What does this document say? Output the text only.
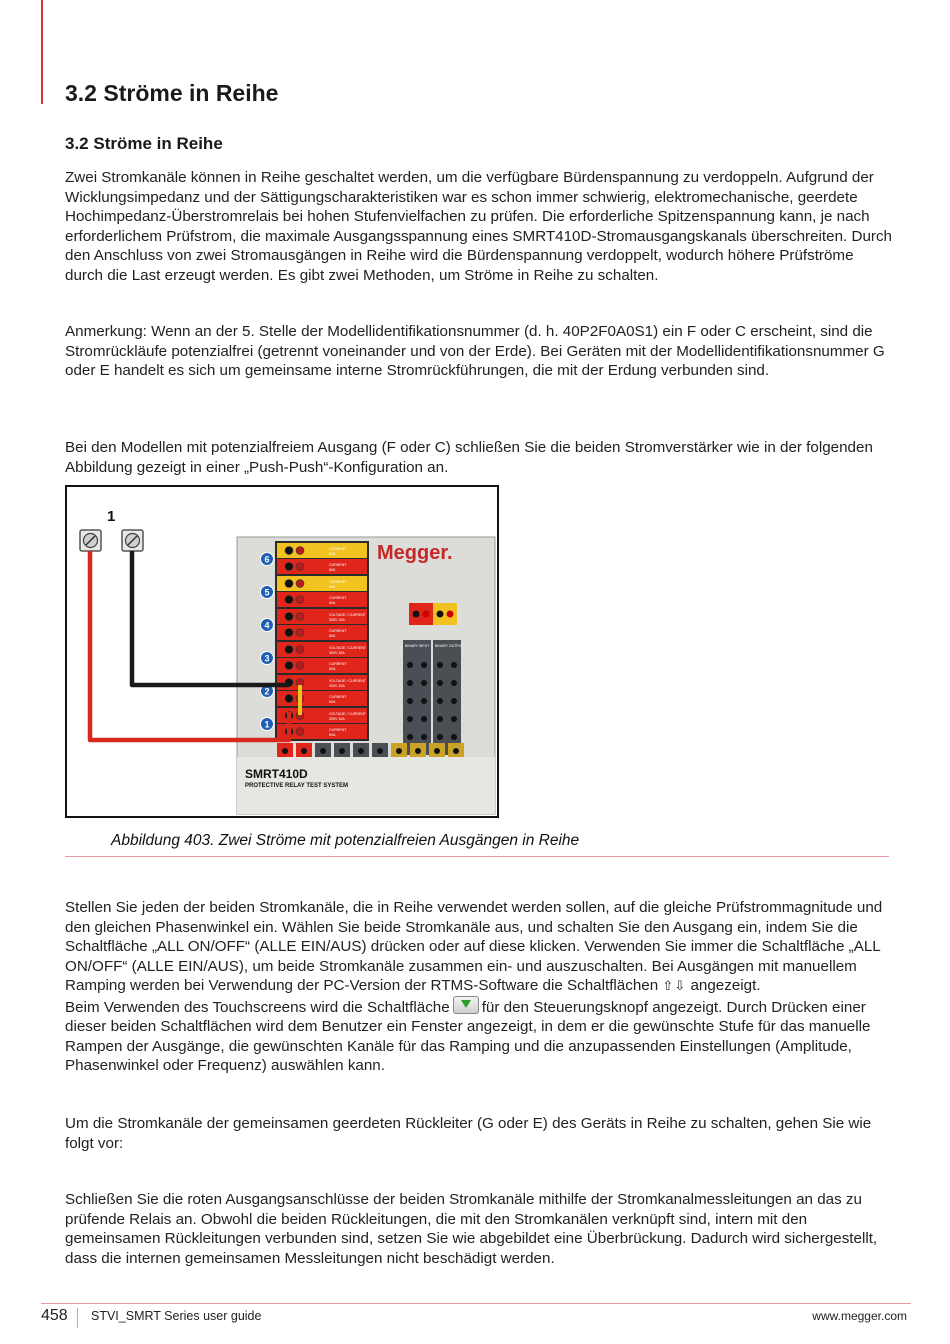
3.2 Ströme in Reihe
3.2 Ströme in Reihe

Zwei Stromkanäle können in Reihe geschaltet werden, um die verfügbare Bürdenspannung zu verdoppeln. Aufgrund der Wicklungsimpedanz und der Sättigungscharakteristiken war es schon immer schwierig, elektromechanische, geerdete Hochimpedanz-Überstromrelais bei hohen Stufenvielfachen zu prüfen. Die erforderliche Spitzenspannung kann, je nach erforderlichem Prüfstrom, die maximale Ausgangsspannung eines SMRT410D-Stromausgangskanals überschreiten. Durch den Anschluss von zwei Stromausgängen in Reihe wird die Bürdenspannung verdoppelt, wodurch höhere Prüfströme durch die Last erzeugt werden. Es gibt zwei Methoden, um Ströme in Reihe zu schalten.

Anmerkung: Wenn an der 5. Stelle der Modellidentifikationsnummer (d. h. 40P2F0A0S1) ein F oder C erscheint, sind die Stromrückläufe potenzialfrei (getrennt voneinander und von der Erde). Bei Geräten mit der Modellidentifikationsnummer G oder E handelt es sich um gemeinsame interne Stromrückführungen, die mit der Erdung verbunden sind.

Bei den Modellen mit potenzialfreiem Ausgang (F oder C) schließen Sie die beiden Stromverstärker wie in der folgenden Abbildung gezeigt in einer „Push-Push“-Konfiguration an.

1
Megger.
SMRT410D
PROTECTIVE RELAY TEST SYSTEM
CURRENT
60A
CURRENT
60A
6
CURRENT
60A
CURRENT
60A
5
VOLTAGE / CURRENT
300V 15A
CURRENT
60A
4
VOLTAGE / CURRENT
300V 15A
CURRENT
60A
3
VOLTAGE / CURRENT
300V 15A
CURRENT
60A
2
VOLTAGE / CURRENT
300V 15A
CURRENT
60A
1
BINARY INPUT BINARY OUTPUT

Abbildung 403. Zwei Ströme mit potenzialfreien Ausgängen in Reihe

Stellen Sie jeden der beiden Stromkanäle, die in Reihe verwendet werden sollen, auf die gleiche Prüfstrommagnitude und den gleichen Phasenwinkel ein. Wählen Sie beide Stromkanäle aus, und schalten Sie den Ausgang ein, indem Sie die Schaltfläche „ALL ON/OFF“ (ALLE EIN/AUS) drücken oder auf diese klicken. Verwenden Sie immer die Schaltfläche „ALL ON/OFF“ (ALLE EIN/AUS), um beide Stromkanäle zusammen ein- und auszuschalten. Bei Ausgängen mit manuellem Ramping werden bei Verwendung der PC-Version der RTMS-Software die Schaltflächen ⇧⇩ angezeigt.
Beim Verwenden des Touchscreens wird die Schaltfläche für den Steuerungsknopf angezeigt. Durch Drücken einer dieser beiden Schaltflächen wird dem Benutzer ein Fenster angezeigt, in dem er die gewünschte Stufe für das manuelle Rampen der Ausgänge, die gewünschten Kanäle für das Ramping und die anzupassenden Einstellungen (Amplitude, Phasenwinkel oder Frequenz) auswählen kann.

Um die Stromkanäle der gemeinsamen geerdeten Rückleiter (G oder E) des Geräts in Reihe zu schalten, gehen Sie wie folgt vor:

Schließen Sie die roten Ausgangsanschlüsse der beiden Stromkanäle mithilfe der Stromkanalmessleitungen an das zu prüfende Relais an. Obwohl die beiden Rückleitungen, die mit den Stromkanälen verknüpft sind, intern mit den gemeinsamen Rückleitungen verbunden sind, setzen Sie wie abgebildet eine Überbrückung. Dadurch wird sichergestellt, dass die internen gemeinsamen Messleitungen nicht beschädigt werden.

458 STVI_SMRT Series user guide	www.megger.com
